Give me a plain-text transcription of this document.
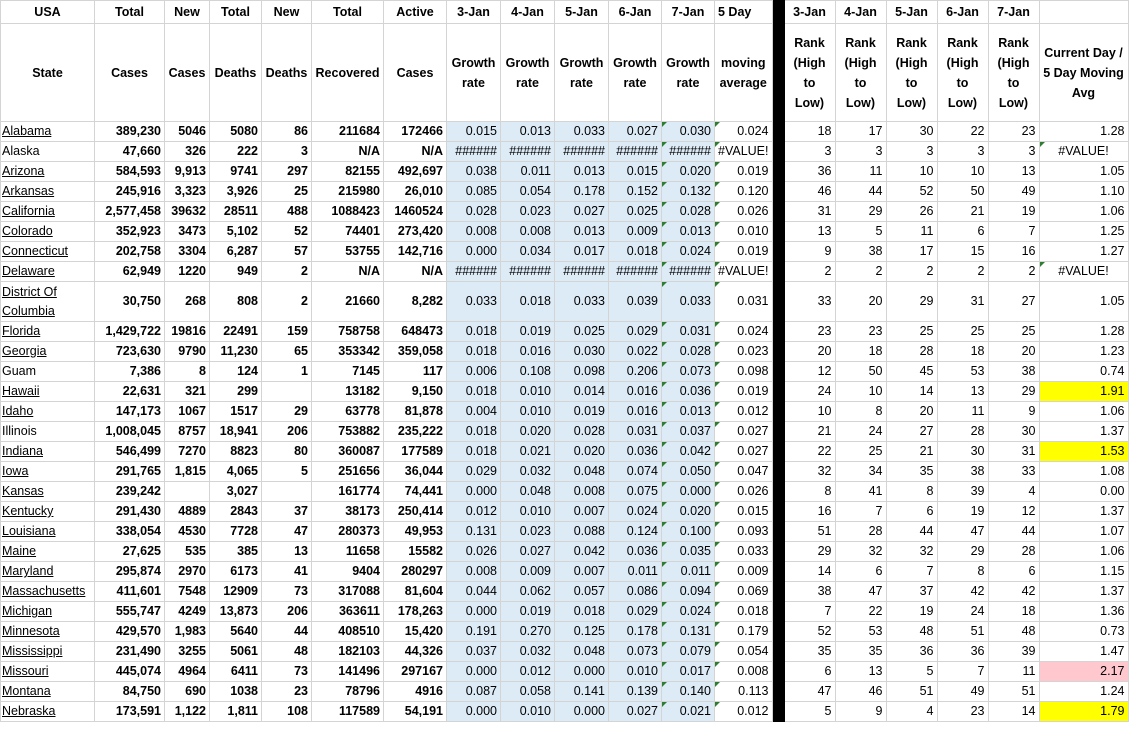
USA	Total	New	Total	New	Total	Active	3-Jan	4-Jan	5-Jan	6-Jan	7-Jan	5 Day		3-Jan	4-Jan	5-Jan	6-Jan	7-Jan	
State	Cases	Cases	Deaths	Deaths	Recovered	Cases	Growth rate	Growth rate	Growth rate	Growth rate	Growth rate	moving average		Rank (High to Low)	Rank (High to Low)	Rank (High to Low)	Rank (High to Low)	Rank (High to Low)	Current Day / 5 Day Moving Avg
Alabama	389,230	5046	5080	86	211684	172466	0.015	0.013	0.033	0.027	0.030	0.024		18	17	30	22	23	1.28
Alaska	47,660	326	222	3	N/A	N/A	######	######	######	######	######	#VALUE!		3	3	3	3	3	#VALUE!
Arizona	584,593	9,913	9741	297	82155	492,697	0.038	0.011	0.013	0.015	0.020	0.019		36	11	10	10	13	1.05
Arkansas	245,916	3,323	3,926	25	215980	26,010	0.085	0.054	0.178	0.152	0.132	0.120		46	44	52	50	49	1.10
California	2,577,458	39632	28511	488	1088423	1460524	0.028	0.023	0.027	0.025	0.028	0.026		31	29	26	21	19	1.06
Colorado	352,923	3473	5,102	52	74401	273,420	0.008	0.008	0.013	0.009	0.013	0.010		13	5	11	6	7	1.25
Connecticut	202,758	3304	6,287	57	53755	142,716	0.000	0.034	0.017	0.018	0.024	0.019		9	38	17	15	16	1.27
Delaware	62,949	1220	949	2	N/A	N/A	######	######	######	######	######	#VALUE!		2	2	2	2	2	#VALUE!
District Of Columbia	30,750	268	808	2	21660	8,282	0.033	0.018	0.033	0.039	0.033	0.031		33	20	29	31	27	1.05
Florida	1,429,722	19816	22491	159	758758	648473	0.018	0.019	0.025	0.029	0.031	0.024		23	23	25	25	25	1.28
Georgia	723,630	9790	11,230	65	353342	359,058	0.018	0.016	0.030	0.022	0.028	0.023		20	18	28	18	20	1.23
Guam	7,386	8	124	1	7145	117	0.006	0.108	0.098	0.206	0.073	0.098		12	50	45	53	38	0.74
Hawaii	22,631	321	299		13182	9,150	0.018	0.010	0.014	0.016	0.036	0.019		24	10	14	13	29	1.91
Idaho	147,173	1067	1517	29	63778	81,878	0.004	0.010	0.019	0.016	0.013	0.012		10	8	20	11	9	1.06
Illinois	1,008,045	8757	18,941	206	753882	235,222	0.018	0.020	0.028	0.031	0.037	0.027		21	24	27	28	30	1.37
Indiana	546,499	7270	8823	80	360087	177589	0.018	0.021	0.020	0.036	0.042	0.027		22	25	21	30	31	1.53
Iowa	291,765	1,815	4,065	5	251656	36,044	0.029	0.032	0.048	0.074	0.050	0.047		32	34	35	38	33	1.08
Kansas	239,242		3,027		161774	74,441	0.000	0.048	0.008	0.075	0.000	0.026		8	41	8	39	4	0.00
Kentucky	291,430	4889	2843	37	38173	250,414	0.012	0.010	0.007	0.024	0.020	0.015		16	7	6	19	12	1.37
Louisiana	338,054	4530	7728	47	280373	49,953	0.131	0.023	0.088	0.124	0.100	0.093		51	28	44	47	44	1.07
Maine	27,625	535	385	13	11658	15582	0.026	0.027	0.042	0.036	0.035	0.033		29	32	32	29	28	1.06
Maryland	295,874	2970	6173	41	9404	280297	0.008	0.009	0.007	0.011	0.011	0.009		14	6	7	8	6	1.15
Massachusetts	411,601	7548	12909	73	317088	81,604	0.044	0.062	0.057	0.086	0.094	0.069		38	47	37	42	42	1.37
Michigan	555,747	4249	13,873	206	363611	178,263	0.000	0.019	0.018	0.029	0.024	0.018		7	22	19	24	18	1.36
Minnesota	429,570	1,983	5640	44	408510	15,420	0.191	0.270	0.125	0.178	0.131	0.179		52	53	48	51	48	0.73
Mississippi	231,490	3255	5061	48	182103	44,326	0.037	0.032	0.048	0.073	0.079	0.054		35	35	36	36	39	1.47
Missouri	445,074	4964	6411	73	141496	297167	0.000	0.012	0.000	0.010	0.017	0.008		6	13	5	7	11	2.17
Montana	84,750	690	1038	23	78796	4916	0.087	0.058	0.141	0.139	0.140	0.113		47	46	51	49	51	1.24
Nebraska	173,591	1,122	1,811	108	117589	54,191	0.000	0.010	0.000	0.027	0.021	0.012		5	9	4	23	14	1.79
